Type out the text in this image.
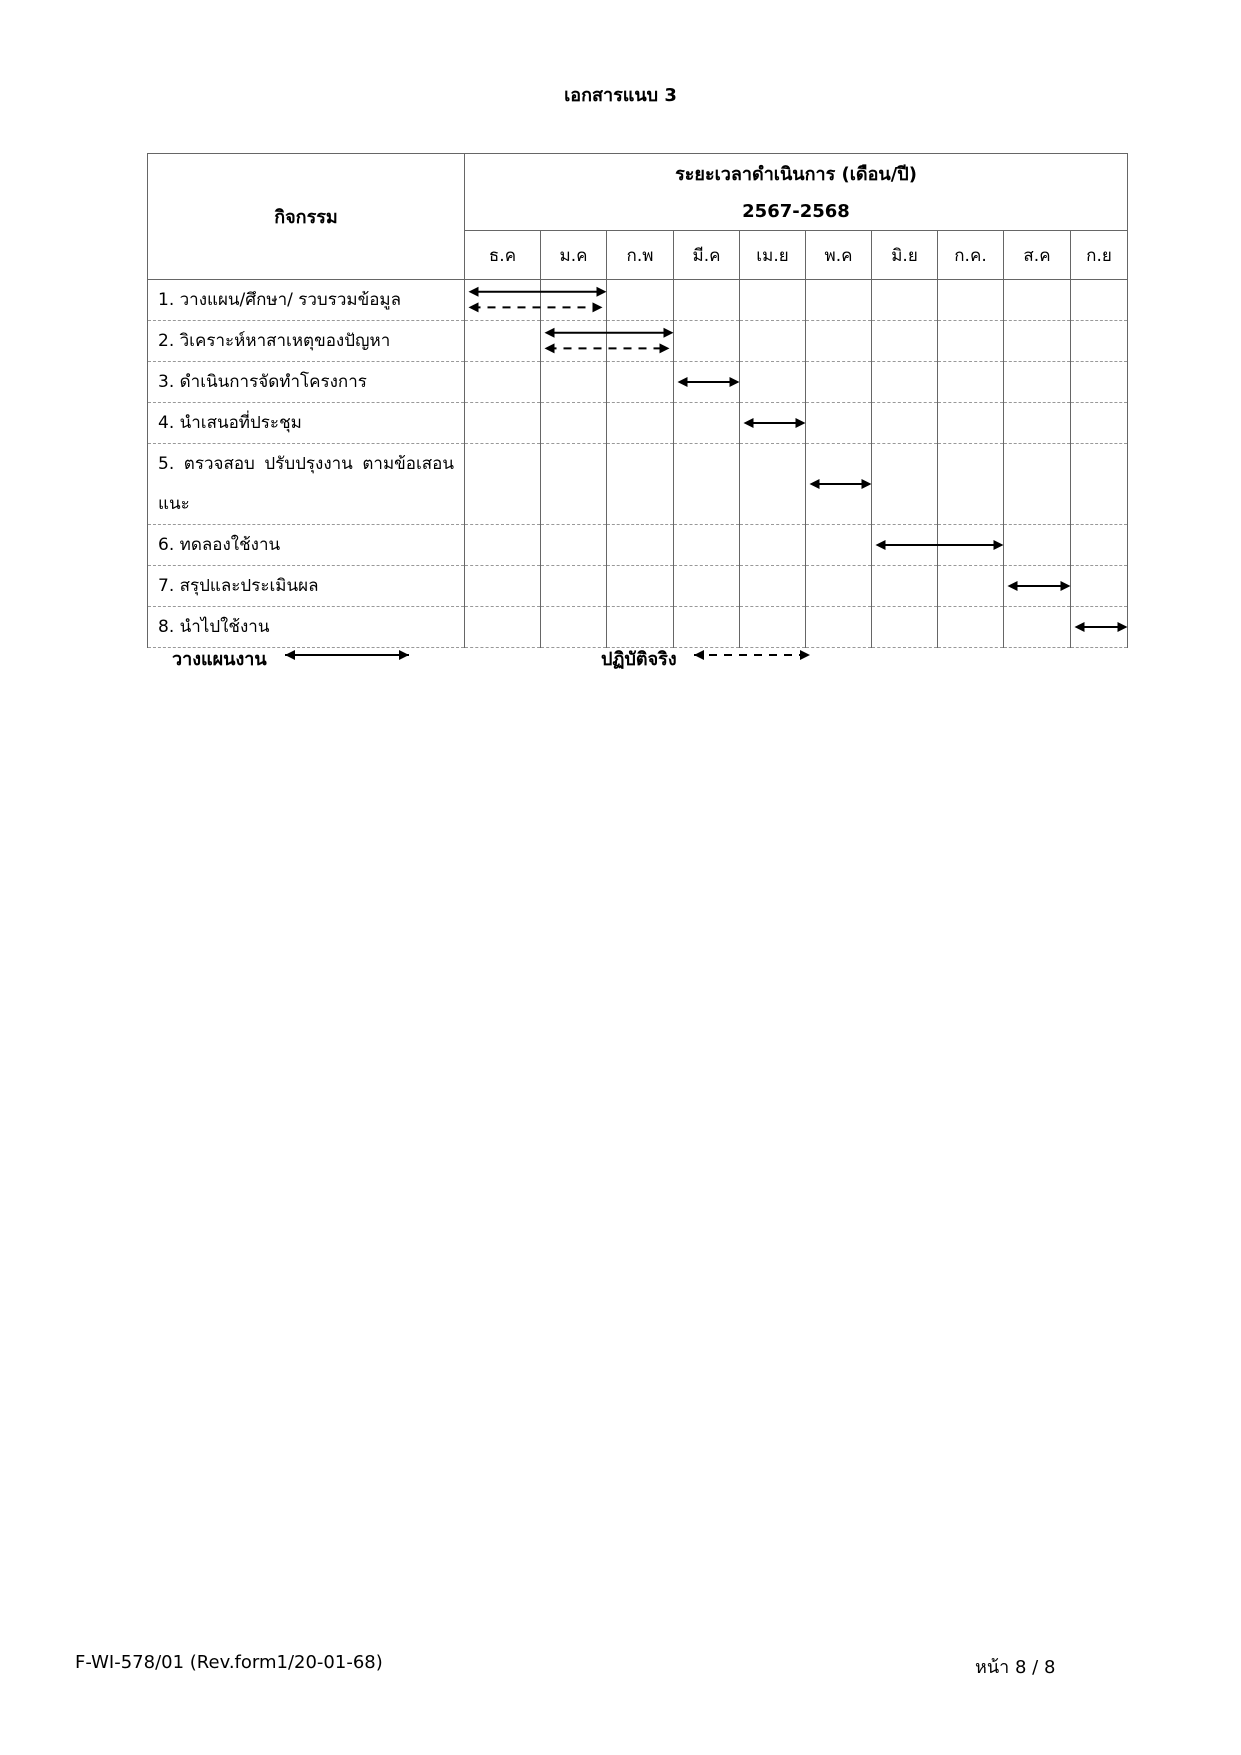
เอกสารแนบ 3
กิจกรรม	ระยะเวลาดำเนินการ (เดือน/ปี)									
	2567-2568									
	ธ.ค	ม.ค	ก.พ	มี.ค	เม.ย	พ.ค	มิ.ย	ก.ค.	ส.ค	ก.ย
1. วางแผน/ศึกษา/ รวบรวมข้อมูล										
2. วิเคราะห์หาสาเหตุของปัญหา										
3. ดำเนินการจัดทำโครงการ										
4. นำเสนอที่ประชุม										
5. ตรวจสอบ ปรับปรุงงาน ตามข้อเสอนแนะ										
6. ทดลองใช้งาน										
7. สรุปและประเมินผล										
8. นำไปใช้งาน										
วางแผนงาน	ปฏิบัติจริง
F-WI-578/01 (Rev.form1/20-01-68)	หน้า 8 / 8
